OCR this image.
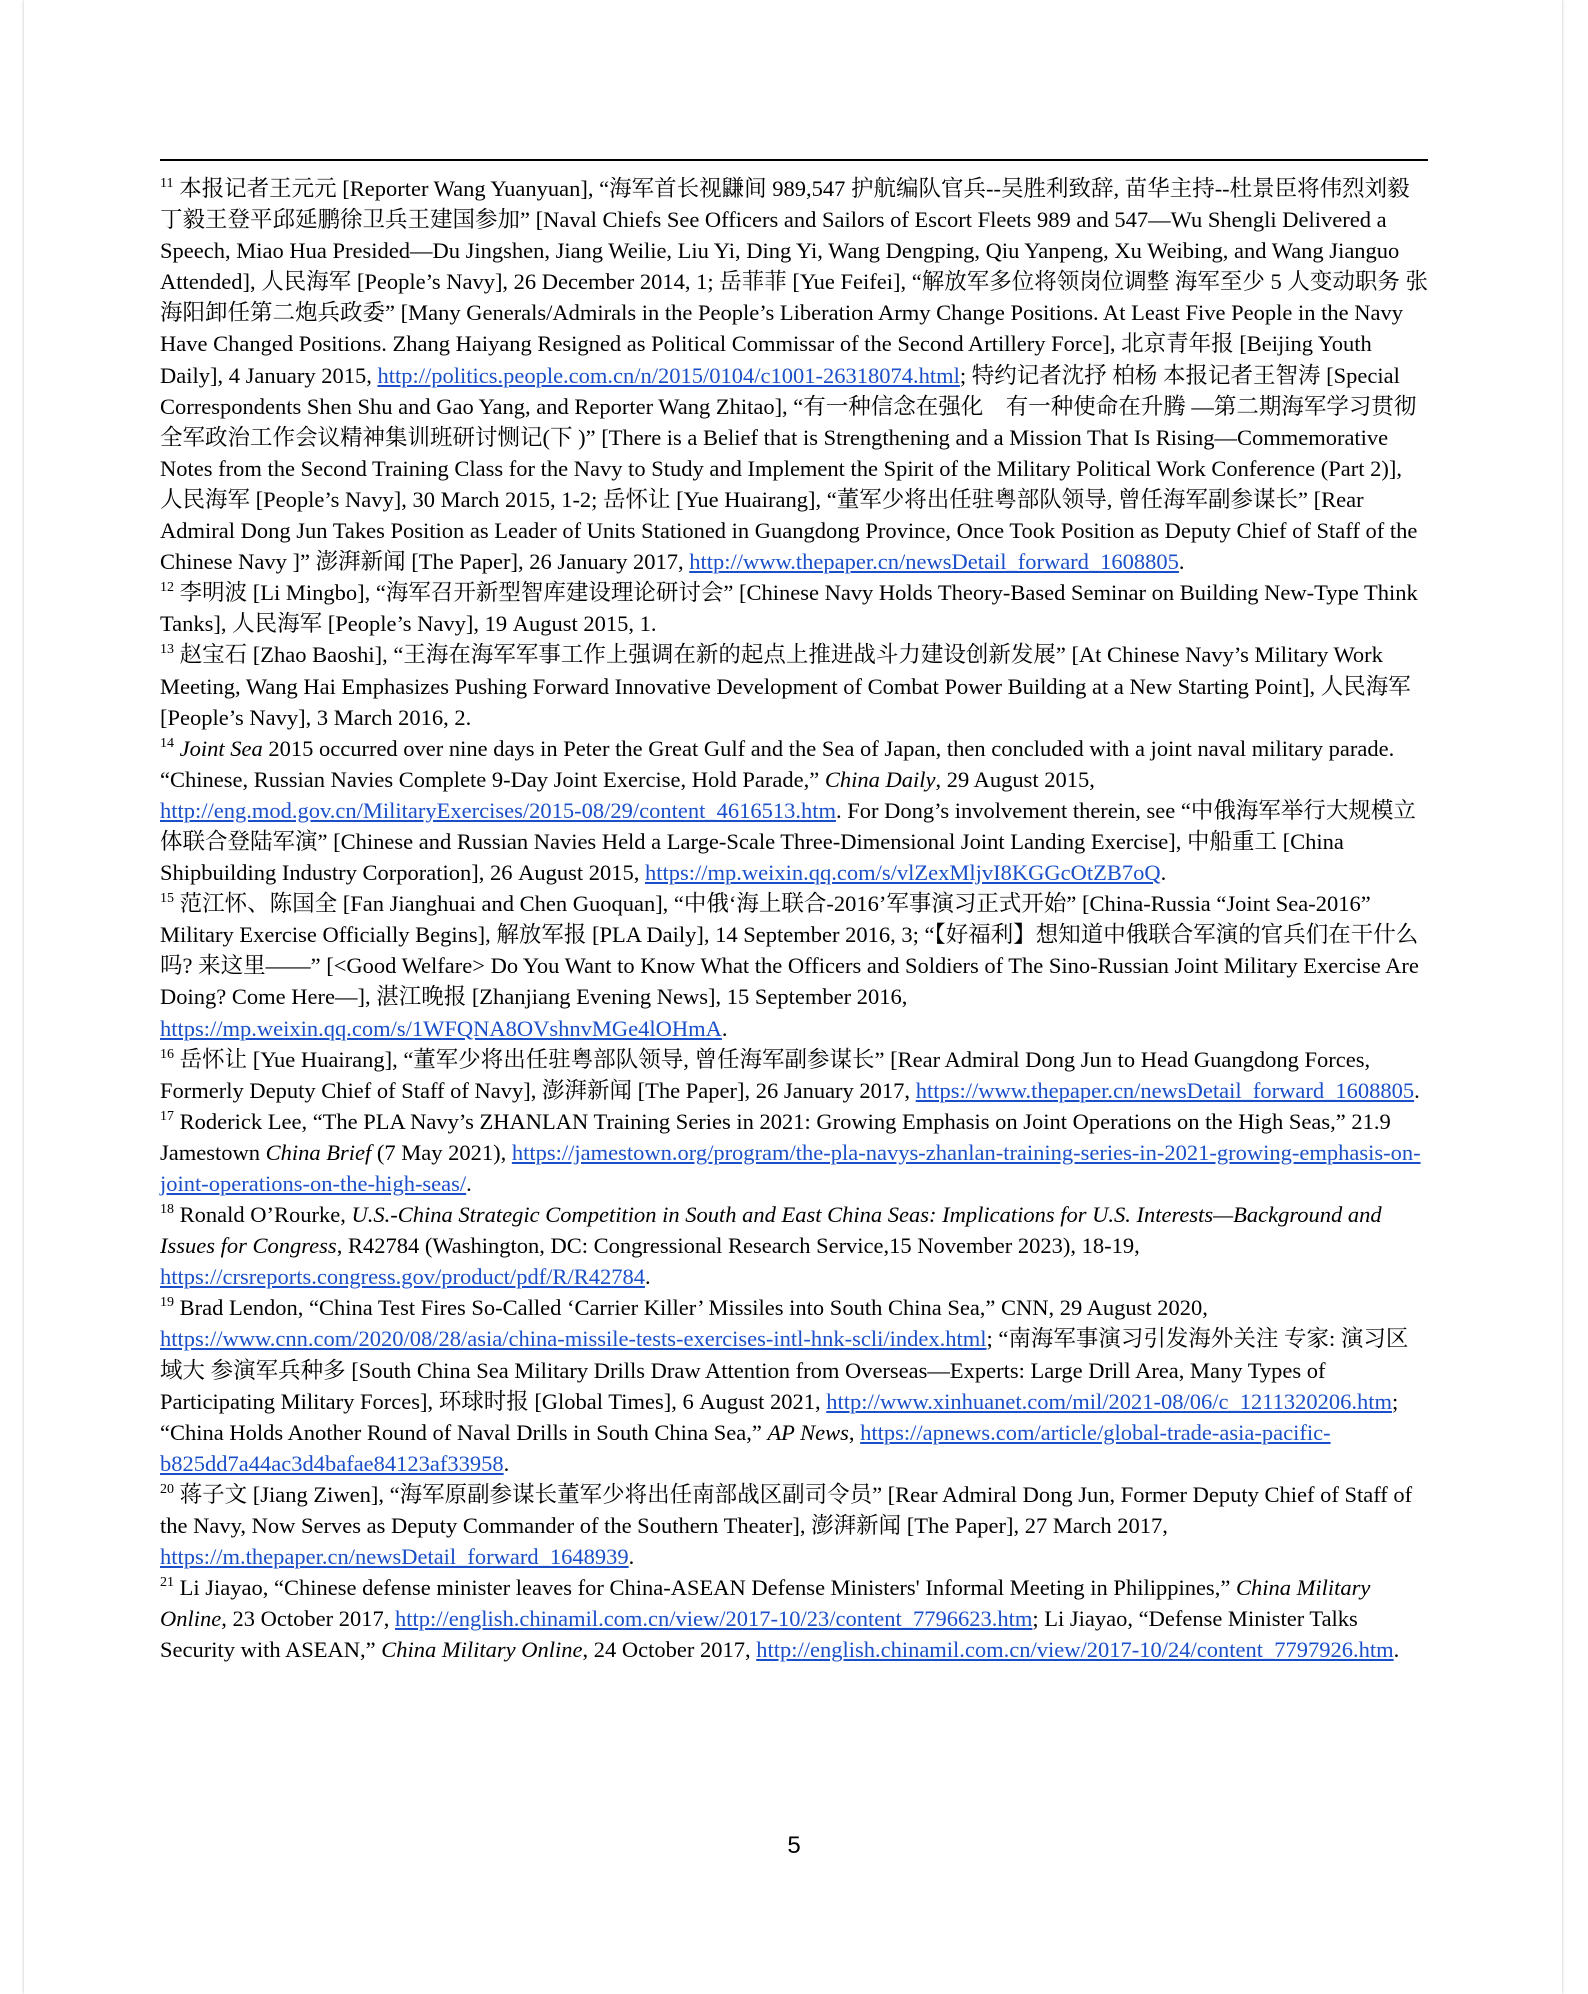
$^{11}$ 本报记者王元元 [Reporter Wang Yuanyuan], “海军首长视鼸间 989,547 护航编队官兵--吴胜利致辞, 苗华主持--杜景臣将伟烈刘毅丁毅王登平邱延鹏徐卫兵王建国参加” [Naval Chiefs See Officers and Sailors of Escort Fleets 989 and 547—Wu Shengli Delivered a Speech, Miao Hua Presided—Du Jingshen, Jiang Weilie, Liu Yi, Ding Yi, Wang Dengping, Qiu Yanpeng, Xu Weibing, and Wang Jianguo Attended], 人民海军 [People’s Navy], 26 December 2014, 1; 岳菲菲 [Yue Feifei], “解放军多位将领岗位调整 海军至少 5 人变动职务 张海阳卸任第二炮兵政委” [Many Generals/Admirals in the People’s Liberation Army Change Positions. At Least Five People in the Navy Have Changed Positions. Zhang Haiyang Resigned as Political Commissar of the Second Artillery Force], 北京青年报 [Beijing Youth Daily], 4 January 2015, http://politics.people.com.cn/n/2015/0104/c1001-26318074.html; 特约记者沈抒 柏杨 本报记者王智涛 [Special Correspondents Shen Shu and Gao Yang, and Reporter Wang Zhitao], “有一种信念在强化　有一种使命在升腾 —第二期海军学习贯彻全军政治工作会议精神集训班研讨恻记(下 )” [There is a Belief that is Strengthening and a Mission That Is Rising—Commemorative Notes from the Second Training Class for the Navy to Study and Implement the Spirit of the Military Political Work Conference (Part 2)], 人民海军 [People’s Navy], 30 March 2015, 1-2; 岳怀让 [Yue Huairang], “董军少将出任驻粤部队领导, 曾任海军副参谋长” [Rear Admiral Dong Jun Takes Position as Leader of Units Stationed in Guangdong Province, Once Took Position as Deputy Chief of Staff of the Chinese Navy ]” 澎湃新闻 [The Paper], 26 January 2017, http://www.thepaper.cn/newsDetail_forward_1608805.

$^{12}$ 李明波 [Li Mingbo], “海军召开新型智库建设理论研讨会” [Chinese Navy Holds Theory-Based Seminar on Building New-Type Think Tanks], 人民海军 [People’s Navy], 19 August 2015, 1.

$^{13}$ 赵宝石 [Zhao Baoshi], “王海在海军军事工作上强调在新的起点上推进战斗力建设创新发展” [At Chinese Navy’s Military Work Meeting, Wang Hai Emphasizes Pushing Forward Innovative Development of Combat Power Building at a New Starting Point], 人民海军 [People’s Navy], 3 March 2016, 2.

$^{14}$ Joint Sea 2015 occurred over nine days in Peter the Great Gulf and the Sea of Japan, then concluded with a joint naval military parade. “Chinese, Russian Navies Complete 9-Day Joint Exercise, Hold Parade,” China Daily, 29 August 2015, http://eng.mod.gov.cn/MilitaryExercises/2015-08/29/content_4616513.htm. For Dong’s involvement therein, see “中俄海军举行大规模立体联合登陆军演” [Chinese and Russian Navies Held a Large-Scale Three-Dimensional Joint Landing Exercise], 中船重工 [China Shipbuilding Industry Corporation], 26 August 2015, https://mp.weixin.qq.com/s/vlZexMljvI8KGGcOtZB7oQ.

$^{15}$ 范江怀、陈国全 [Fan Jianghuai and Chen Guoquan], “中俄‘海上联合-2016’军事演习正式开始” [China-Russia “Joint Sea-2016” Military Exercise Officially Begins], 解放军报 [PLA Daily], 14 September 2016, 3; “【好福利】想知道中俄联合军演的官兵们在干什么吗? 来这里——” [<Good Welfare> Do You Want to Know What the Officers and Soldiers of The Sino-Russian Joint Military Exercise Are Doing? Come Here—], 湛江晚报 [Zhanjiang Evening News], 15 September 2016, https://mp.weixin.qq.com/s/1WFQNA8OVshnvMGe4lOHmA.

$^{16}$ 岳怀让 [Yue Huairang], “董军少将出任驻粤部队领导, 曾任海军副参谋长” [Rear Admiral Dong Jun to Head Guangdong Forces, Formerly Deputy Chief of Staff of Navy], 澎湃新闻 [The Paper], 26 January 2017, https://www.thepaper.cn/newsDetail_forward_1608805.

$^{17}$ Roderick Lee, “The PLA Navy’s ZHANLAN Training Series in 2021: Growing Emphasis on Joint Operations on the High Seas,” 21.9 Jamestown China Brief (7 May 2021), https://jamestown.org/program/the-pla-navys-zhanlan-training-series-in-2021-growing-emphasis-on-joint-operations-on-the-high-seas/.

$^{18}$ Ronald O’Rourke, U.S.-China Strategic Competition in South and East China Seas: Implications for U.S. Interests—Background and Issues for Congress, R42784 (Washington, DC: Congressional Research Service,15 November 2023), 18-19, https://crsreports.congress.gov/product/pdf/R/R42784.

$^{19}$ Brad Lendon, “China Test Fires So-Called ‘Carrier Killer’ Missiles into South China Sea,” CNN, 29 August 2020, https://www.cnn.com/2020/08/28/asia/china-missile-tests-exercises-intl-hnk-scli/index.html; “南海军事演习引发海外关注 专家: 演习区域大 参演军兵种多 [South China Sea Military Drills Draw Attention from Overseas—Experts: Large Drill Area, Many Types of Participating Military Forces], 环球时报 [Global Times], 6 August 2021, http://www.xinhuanet.com/mil/2021-08/06/c_1211320206.htm; “China Holds Another Round of Naval Drills in South China Sea,” AP News, https://apnews.com/article/global-trade-asia-pacific-b825dd7a44ac3d4bafae84123af33958.

$^{20}$ 蒋子文 [Jiang Ziwen], “海军原副参谋长董军少将出任南部战区副司令员” [Rear Admiral Dong Jun, Former Deputy Chief of Staff of the Navy, Now Serves as Deputy Commander of the Southern Theater], 澎湃新闻 [The Paper], 27 March 2017, https://m.thepaper.cn/newsDetail_forward_1648939.

$^{21}$ Li Jiayao, “Chinese defense minister leaves for China-ASEAN Defense Ministers' Informal Meeting in Philippines,” China Military Online, 23 October 2017, http://english.chinamil.com.cn/view/2017-10/23/content_7796623.htm; Li Jiayao, “Defense Minister Talks Security with ASEAN,” China Military Online, 24 October 2017, http://english.chinamil.com.cn/view/2017-10/24/content_7797926.htm.

5
